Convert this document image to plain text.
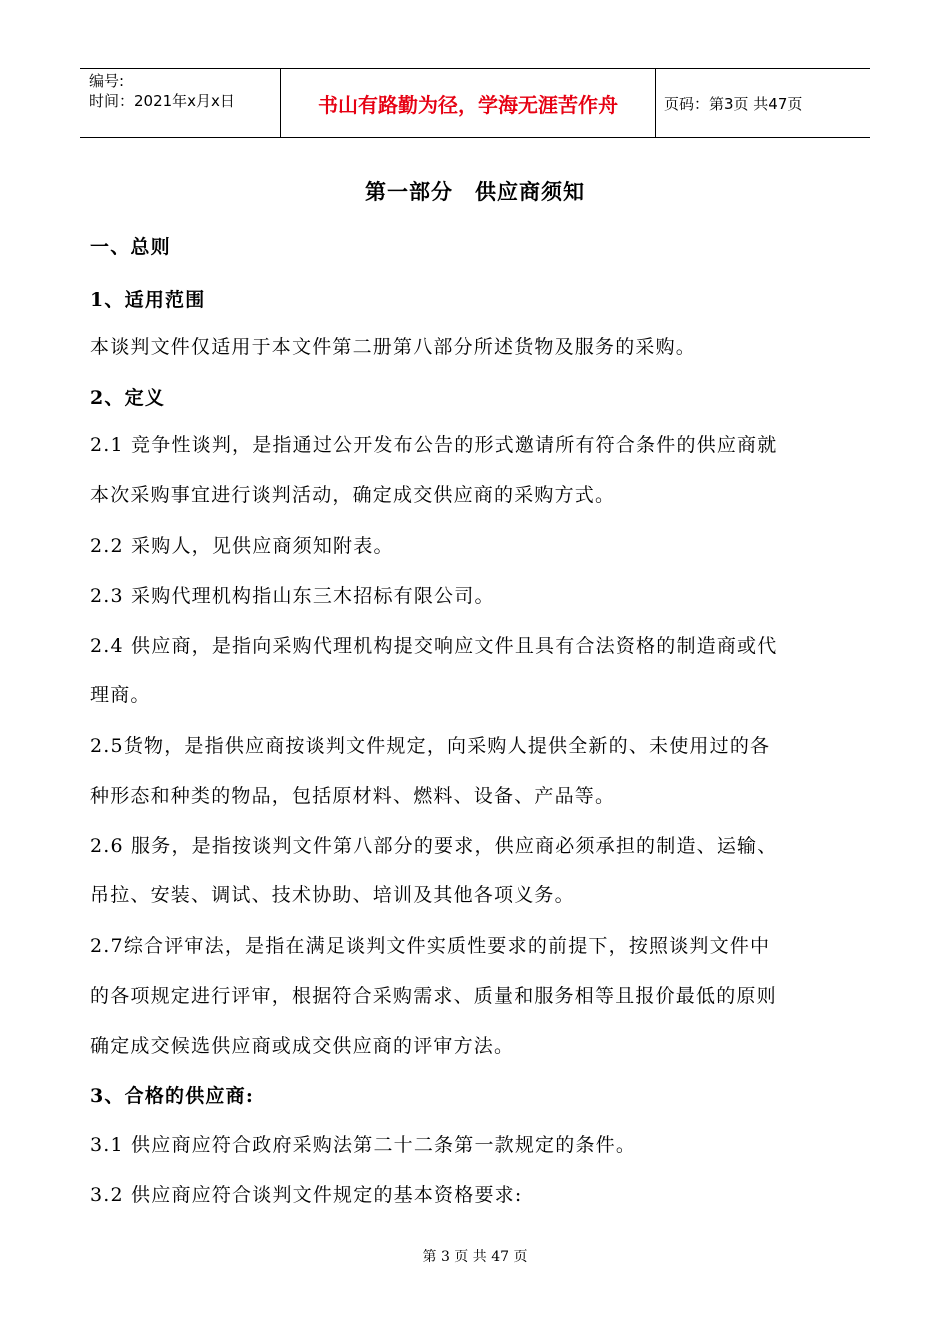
编号:
时间：2021年x月x日	书山有路勤为径，学海无涯苦作舟	页码：第3页 共47页
第一部分 供应商须知
一、总则
1、适用范围
本谈判文件仅适用于本文件第二册第八部分所述货物及服务的采购。
2、定义
2.1 竞争性谈判，是指通过公开发布公告的形式邀请所有符合条件的供应商就
本次采购事宜进行谈判活动，确定成交供应商的采购方式。
2.2 采购人，见供应商须知附表。
2.3 采购代理机构指山东三木招标有限公司。
2.4 供应商，是指向采购代理机构提交响应文件且具有合法资格的制造商或代
理商。
2.5货物，是指供应商按谈判文件规定，向采购人提供全新的、未使用过的各
种形态和种类的物品，包括原材料、燃料、设备、产品等。
2.6 服务，是指按谈判文件第八部分的要求，供应商必须承担的制造、运输、
吊拉、安装、调试、技术协助、培训及其他各项义务。
2.7综合评审法，是指在满足谈判文件实质性要求的前提下，按照谈判文件中
的各项规定进行评审，根据符合采购需求、质量和服务相等且报价最低的原则
确定成交候选供应商或成交供应商的评审方法。
3、合格的供应商:
3.1 供应商应符合政府采购法第二十二条第一款规定的条件。
3.2 供应商应符合谈判文件规定的基本资格要求:
第 3 页 共 47 页
